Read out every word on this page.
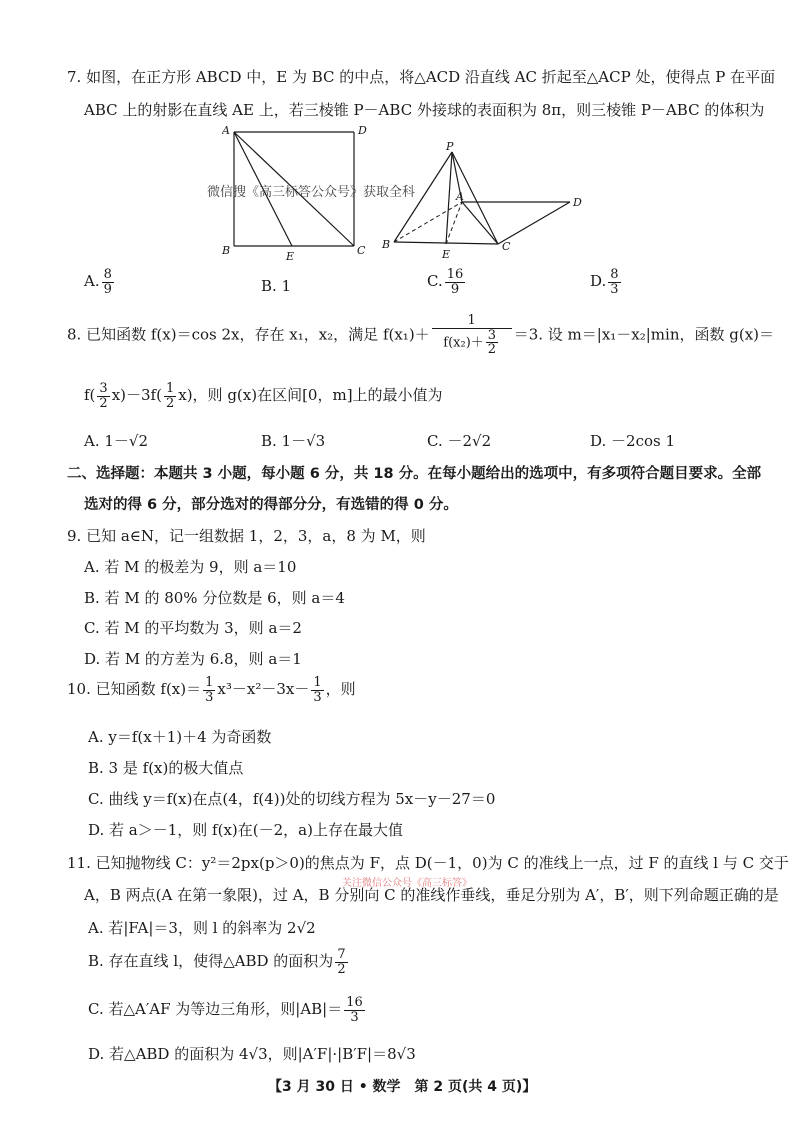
7. 如图，在正方形 ABCD 中，E 为 BC 的中点，将△ACD 沿直线 AC 折起至△ACP 处，使得点 P 在平面
ABC 上的射影在直线 AE 上，若三棱锥 P－ABC 外接球的表面积为 8π，则三棱锥 P－ABC 的体积为
A	D
B	C
E
P
A	D
B	C
E
微信搜《高三标答公众号》获取全科
A. $\frac{8}{9}$	B. 1	C. $\frac{16}{9}$	D. $\frac{8}{3}$
8. 已知函数 f(x)＝cos 2x，存在 x₁，x₂，满足 $f(x_1)+ \frac{1}{f(x_2)+ \frac{3}{2}} =3$. 设 m＝|x₁－x₂|min，函数 g(x)＝
$f( \frac{3}{2} x)-3f( \frac{1}{2} x)$，则 g(x)在区间[0，m]上的最小值为
A. 1－√2	B. 1－√3	C. －2√2	D. －2cos 1
二、选择题：本题共 3 小题，每小题 6 分，共 18 分。在每小题给出的选项中，有多项符合题目要求。全部
选对的得 6 分，部分选对的得部分分，有选错的得 0 分。
9. 已知 a∈N，记一组数据 1，2，3，a，8 为 M，则
A. 若 M 的极差为 9，则 a＝10
B. 若 M 的 80% 分位数是 6，则 a＝4
C. 若 M 的平均数为 3，则 a＝2
D. 若 M 的方差为 6.8，则 a＝1
10. 已知函数 $f(x)= \frac{1}{3} x^3-x^2-3x- \frac{1}{3}$ ，则
A. y＝f(x＋1)＋4 为奇函数
B. 3 是 f(x)的极大值点
C. 曲线 y＝f(x)在点(4，f(4))处的切线方程为 5x－y－27＝0
D. 若 a＞－1，则 f(x)在(－2，a)上存在最大值
11. 已知抛物线 C：y²＝2px(p＞0)的焦点为 F，点 D(－1，0)为 C 的准线上一点，过 F 的直线 l 与 C 交于
关注微信公众号《高三标答》
A，B 两点(A 在第一象限)，过 A，B 分别向 C 的准线作垂线，垂足分别为 A′，B′，则下列命题正确的是
A. 若|FA|＝3，则 l 的斜率为 2√2
B. 存在直线 l，使得△ABD 的面积为 $\frac{7}{2}$
C. 若△A′AF 为等边三角形，则$|AB|= \frac{16}{3}$
D. 若△ABD 的面积为 4√3，则|A′F|·|B′F|＝8√3
【3 月 30 日 • 数学　第 2 页(共 4 页)】
